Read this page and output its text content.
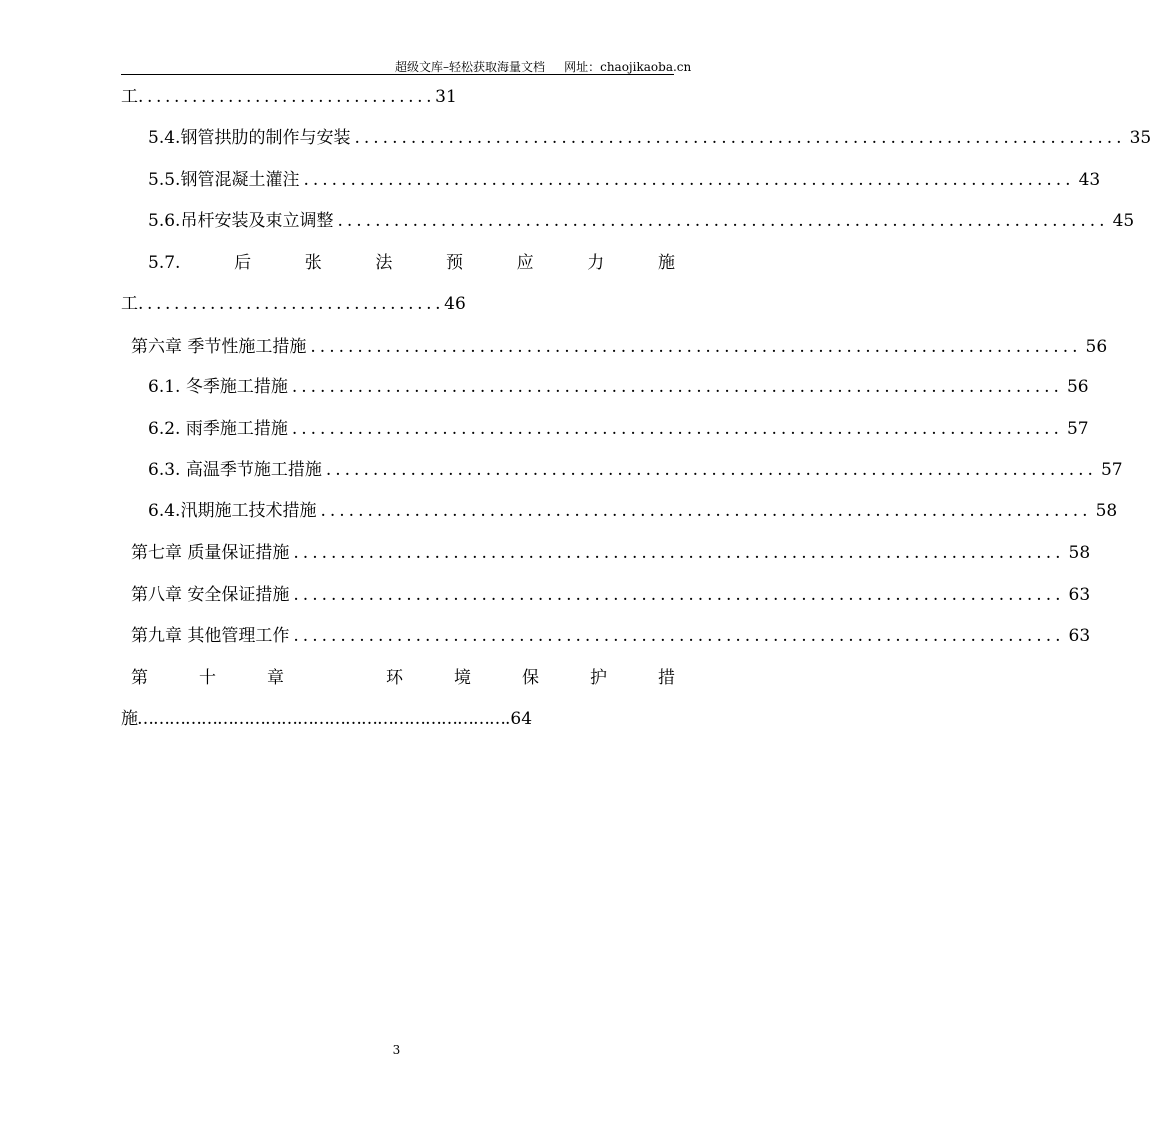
超级文库–轻松获取海量文档 网址：chaojikaoba.cn
工.................................31
5.4.钢管拱肋的制作与安装 .................................................................................. 35
5.5.钢管混凝土灌注 .................................................................................. 43
5.6.吊杆安装及束立调整 .................................................................................. 45
5.7.	后	张	法	预	应	力	施
工..................................46
第六章 季节性施工措施 .................................................................................. 56
6.1. 冬季施工措施 .................................................................................. 56
6.2. 雨季施工措施 .................................................................................. 57
6.3. 高温季节施工措施 .................................................................................. 57
6.4.汛期施工技术措施 .................................................................................. 58
第七章 质量保证措施 .................................................................................. 58
第八章 安全保证措施 .................................................................................. 63
第九章 其他管理工作 .................................................................................. 63
第	十	章	环	境	保	护	措
施…………………………………………………………….64
3
